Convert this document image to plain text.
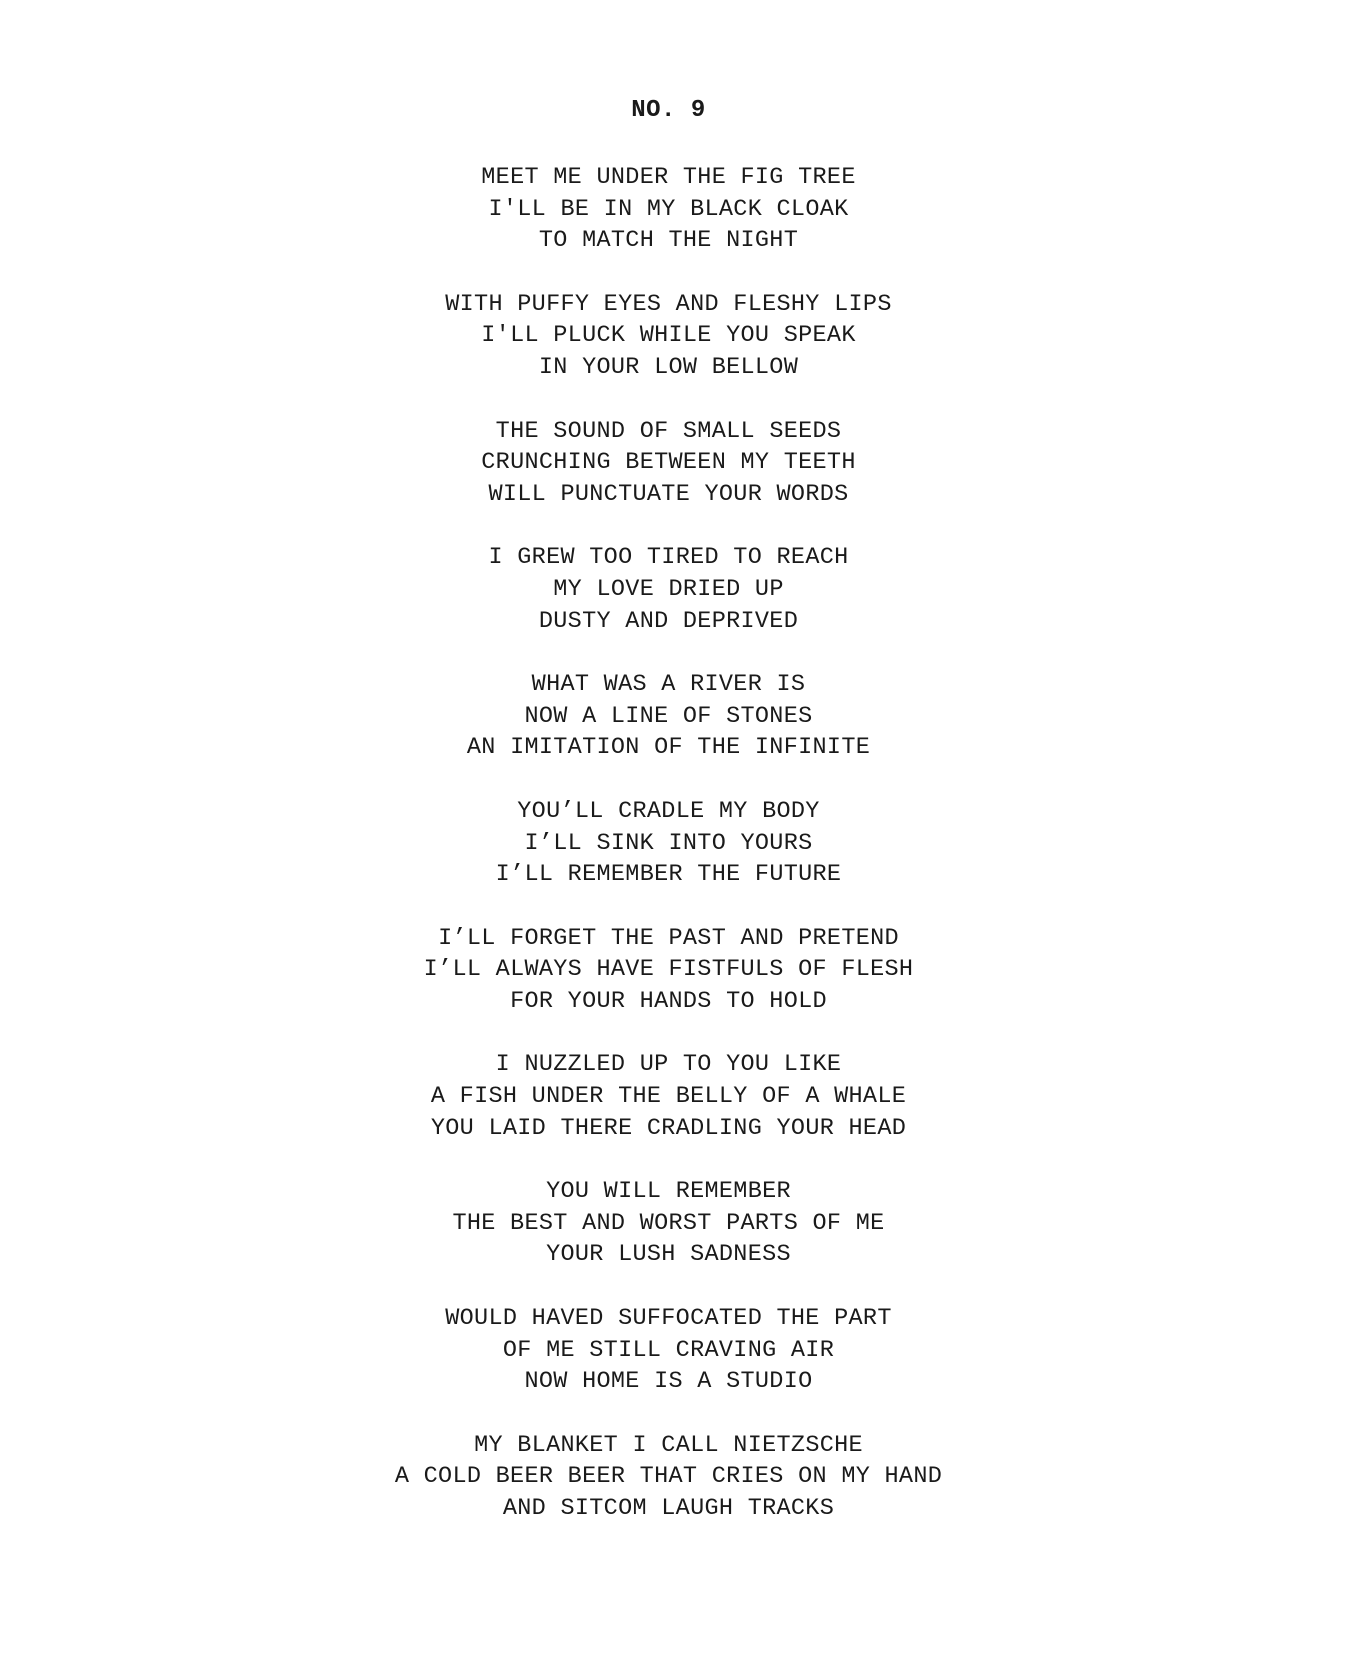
NO. 9
MEET ME UNDER THE FIG TREE
I'LL BE IN MY BLACK CLOAK
TO MATCH THE NIGHT
WITH PUFFY EYES AND FLESHY LIPS
I'LL PLUCK WHILE YOU SPEAK
IN YOUR LOW BELLOW
THE SOUND OF SMALL SEEDS
CRUNCHING BETWEEN MY TEETH
WILL PUNCTUATE YOUR WORDS
I GREW TOO TIRED TO REACH
MY LOVE DRIED UP
DUSTY AND DEPRIVED
WHAT WAS A RIVER IS
NOW A LINE OF STONES
AN IMITATION OF THE INFINITE
YOU’LL CRADLE MY BODY
I’LL SINK INTO YOURS
I’LL REMEMBER THE FUTURE
I’LL FORGET THE PAST AND PRETEND
I’LL ALWAYS HAVE FISTFULS OF FLESH
FOR YOUR HANDS TO HOLD
I NUZZLED UP TO YOU LIKE
A FISH UNDER THE BELLY OF A WHALE
YOU LAID THERE CRADLING YOUR HEAD
YOU WILL REMEMBER
THE BEST AND WORST PARTS OF ME
YOUR LUSH SADNESS
WOULD HAVED SUFFOCATED THE PART
OF ME STILL CRAVING AIR
NOW HOME IS A STUDIO
MY BLANKET I CALL NIETZSCHE
A COLD BEER BEER THAT CRIES ON MY HAND
AND SITCOM LAUGH TRACKS
